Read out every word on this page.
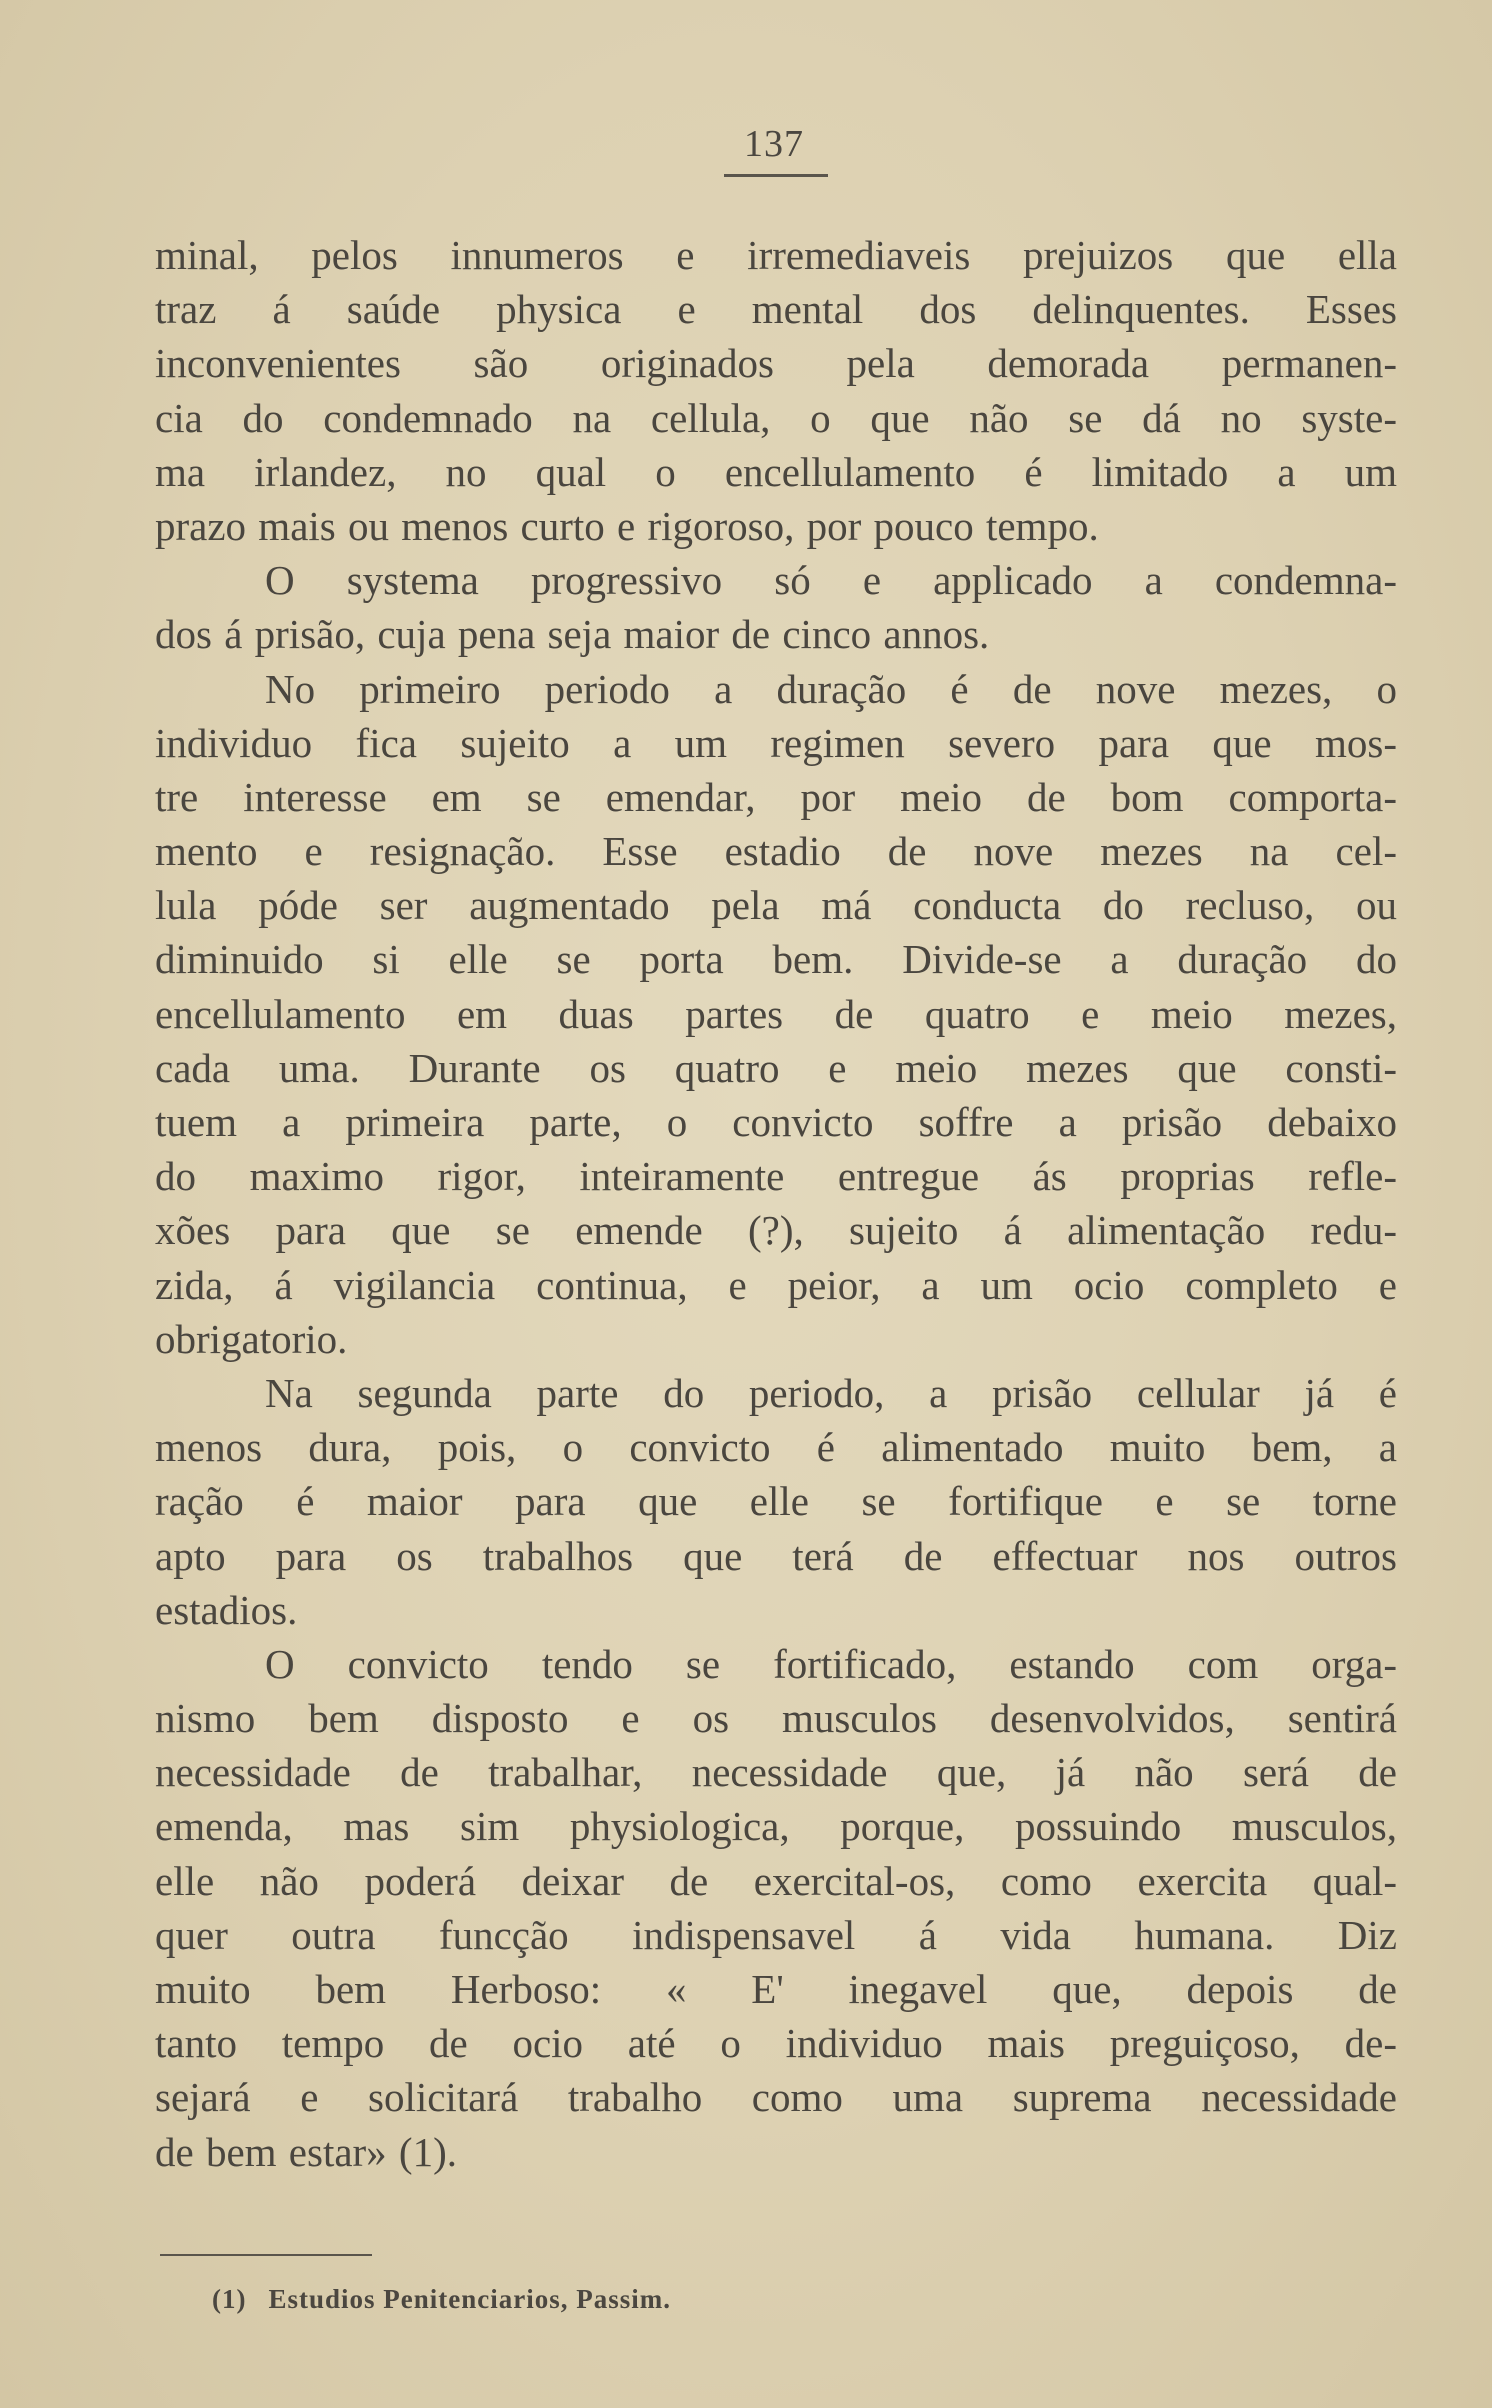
137
minal, pelos innumeros e irremediaveis prejuizos que ella
traz á saúde physica e mental dos delinquentes. Esses
inconvenientes são originados pela demorada permanen-
cia do condemnado na cellula, o que não se dá no syste-
ma irlandez, no qual o encellulamento é limitado a um
prazo mais ou menos curto e rigoroso, por pouco tempo.
O systema progressivo só e applicado a condemna-
dos á prisão, cuja pena seja maior de cinco annos.
No primeiro periodo a duração é de nove mezes, o
individuo fica sujeito a um regimen severo para que mos-
tre interesse em se emendar, por meio de bom comporta-
mento e resignação. Esse estadio de nove mezes na cel-
lula póde ser augmentado pela má conducta do recluso, ou
diminuido si elle se porta bem. Divide-se a duração do
encellulamento em duas partes de quatro e meio mezes,
cada uma. Durante os quatro e meio mezes que consti-
tuem a primeira parte, o convicto soffre a prisão debaixo
do maximo rigor, inteiramente entregue ás proprias refle-
xões para que se emende (?), sujeito á alimentação redu-
zida, á vigilancia continua, e peior, a um ocio completo e
obrigatorio.
Na segunda parte do periodo, a prisão cellular já é
menos dura, pois, o convicto é alimentado muito bem, a
ração é maior para que elle se fortifique e se torne
apto para os trabalhos que terá de effectuar nos outros
estadios.
O convicto tendo se fortificado, estando com orga-
nismo bem disposto e os musculos desenvolvidos, sentirá
necessidade de trabalhar, necessidade que, já não será de
emenda, mas sim physiologica, porque, possuindo musculos,
elle não poderá deixar de exercital-os, como exercita qual-
quer outra funcção indispensavel á vida humana. Diz
muito bem Herboso: « E' inegavel que, depois de
tanto tempo de ocio até o individuo mais preguiçoso, de-
sejará e solicitará trabalho como uma suprema necessidade
de bem estar» (1).
(1) Estudios Penitenciarios, Passim.
